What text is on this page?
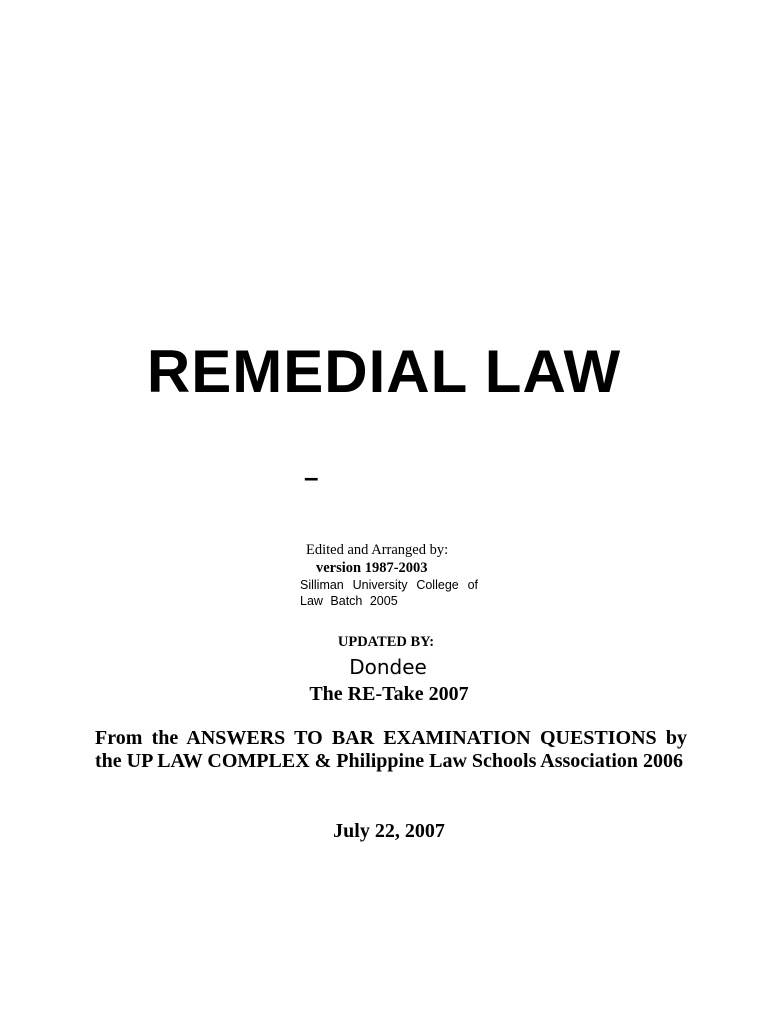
REMEDIAL LAW
–
Edited and Arranged by:
version 1987-2003
Silliman University College of Law Batch 2005
UPDATED BY:
Dondee
The RE-Take 2007
From the ANSWERS TO BAR EXAMINATION QUESTIONS by the UP LAW COMPLEX & Philippine Law Schools Association 2006
July 22, 2007
